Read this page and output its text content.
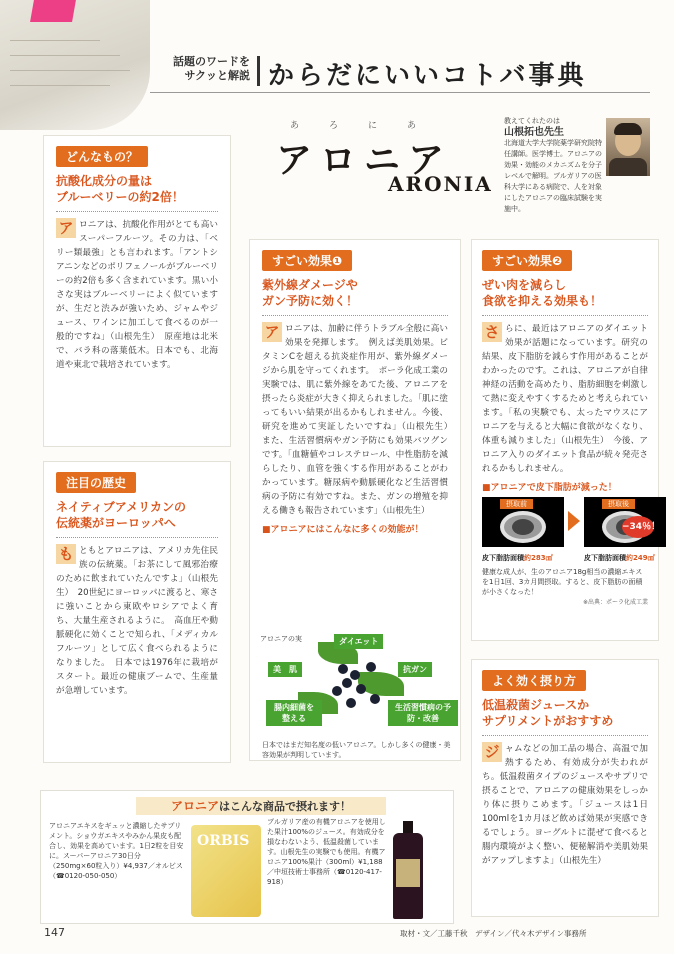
話題のワードを
サクッと解説 からだにいいコトバ事典
あろにあ
アロニア
ARONIA
教えてくれたのは
山根拓也先生
北海道大学大学院薬学研究院特任講師。医学博士。アロニアの効果・効能のメカニズムを分子レベルで解明。ブルガリアの医科大学にある病院で、人を対象にしたアロニアの臨床試験を実施中。
どんなもの？
抗酸化成分の量は
ブルーベリーの約2倍！
ア ロニアは、抗酸化作用がとても高いスーパーフルーツ。その力は、「ベリー類最強」とも言われます。「アントシアニンなどのポリフェノールがブルーベリーの約2倍も多く含まれています。黒い小さな実はブルーベリーによく似ていますが、生だと渋みが強いため、ジャムやジュース、ワインに加工して食べるのが一般的ですね」（山根先生）　原産地は北米で、バラ科の落葉低木。日本でも、北海道や東北で栽培されています。
注目の歴史
ネイティブアメリカンの
伝統薬がヨーロッパへ
も ともとアロニアは、アメリカ先住民族の伝統薬。「お茶にして風邪治療のために飲まれていたんですよ」（山根先生）　20世紀にヨーロッパに渡ると、寒さに強いことから東欧やロシアでよく育ち、大量生産されるように。　高血圧や動脈硬化に効くことで知られ、「メディカルフルーツ」として広く食べられるようになりました。　日本では1976年に栽培がスタート。最近の健康ブームで、生産量が急増しています。
すごい効果❶
紫外線ダメージや
ガン予防に効く！
ア ロニアは、加齢に伴うトラブル全般に高い効果を発揮します。　例えば美肌効果。ビタミンCを超える抗炎症作用が、紫外線ダメージから肌を守ってくれます。　ポーラ化成工業の実験では、肌に紫外線をあてた後、アロニアを摂ったら炎症が大きく抑えられました。「肌に塗ってもいい結果が出るかもしれません。今後、研究を進めて実証したいですね」（山根先生）　また、生活習慣病やガン予防にも効果バツグンです。「血糖値やコレステロール、中性脂肪を減らしたり、血管を強くする作用があることがわかっています。糖尿病や動脈硬化など生活習慣病の予防に有効ですね。また、ガンの増殖を抑える働きも報告されています」（山根先生）
■アロニアにはこんなに多くの効能が！
アロニアの実	ダイエット
美　肌	抗ガン
腸内細菌を整える
生活習慣病の予防・改善
日本ではまだ知名度の低いアロニア。しかし多くの健康・美容効果が判明しています。
すごい効果❷
ぜい肉を減らし
食欲を抑える効果も！
さ らに、最近はアロニアのダイエット効果が話題になっています。研究の結果、皮下脂肪を減らす作用があることがわかったのです。これは、アロニアが自律神経の活動を高めたり、脂肪細胞を刺激して熱に変えやすくするためと考えられています。「私の実験でも、太ったマウスにアロニアを与えると大幅に食欲がなくなり、体重も減りました」（山根先生）　今後、アロニア入りのダイエット食品が続々発売されるかもしれません。
■アロニアで皮下脂肪が減った！
摂取前
皮下脂肪面積約283㎠
摂取後
皮下脂肪面積約249㎠
健康な成人が、生のアロニア18g相当の濃縮エキスを1日1回、3カ月間摂取。すると、皮下脂肪の面積が小さくなった！
※出典：ポーラ化成工業
−34％！
よく効く摂り方
低温殺菌ジュースか
サプリメントがおすすめ
ジ ャムなどの加工品の場合、高温で加熱するため、有効成分が失われがち。低温殺菌タイプのジュースやサプリで摂ることで、アロニアの健康効果をしっかり体に摂りこめます。「ジュースは1日100mlを1カ月ほど飲めば効果が実感できるでしょう。ヨーグルトに混ぜて食べると腸内環境がよく整い、便秘解消や美肌効果がアップしますよ」（山根先生）
アロニアはこんな商品で摂れます！
アロニアエキスをギュッと濃縮したサプリメント。ショウガエキスやみかん果皮も配合し、効果を高めています。1日2粒を目安に。スーパーアロニア30日分（250mg×60粒入り）¥4,937／オルビス（☎0120-050-050）
ORBIS
ブルガリア産の有機アロニアを使用した果汁100%のジュース。有効成分を損なわないよう、低温殺菌しています。山根先生の実験でも使用。有機アロニア100%果汁（300ml）¥1,188／中垣技術士事務所（☎0120-417-918）
147	取材・文／工藤千秋　デザイン／代々木デザイン事務所
